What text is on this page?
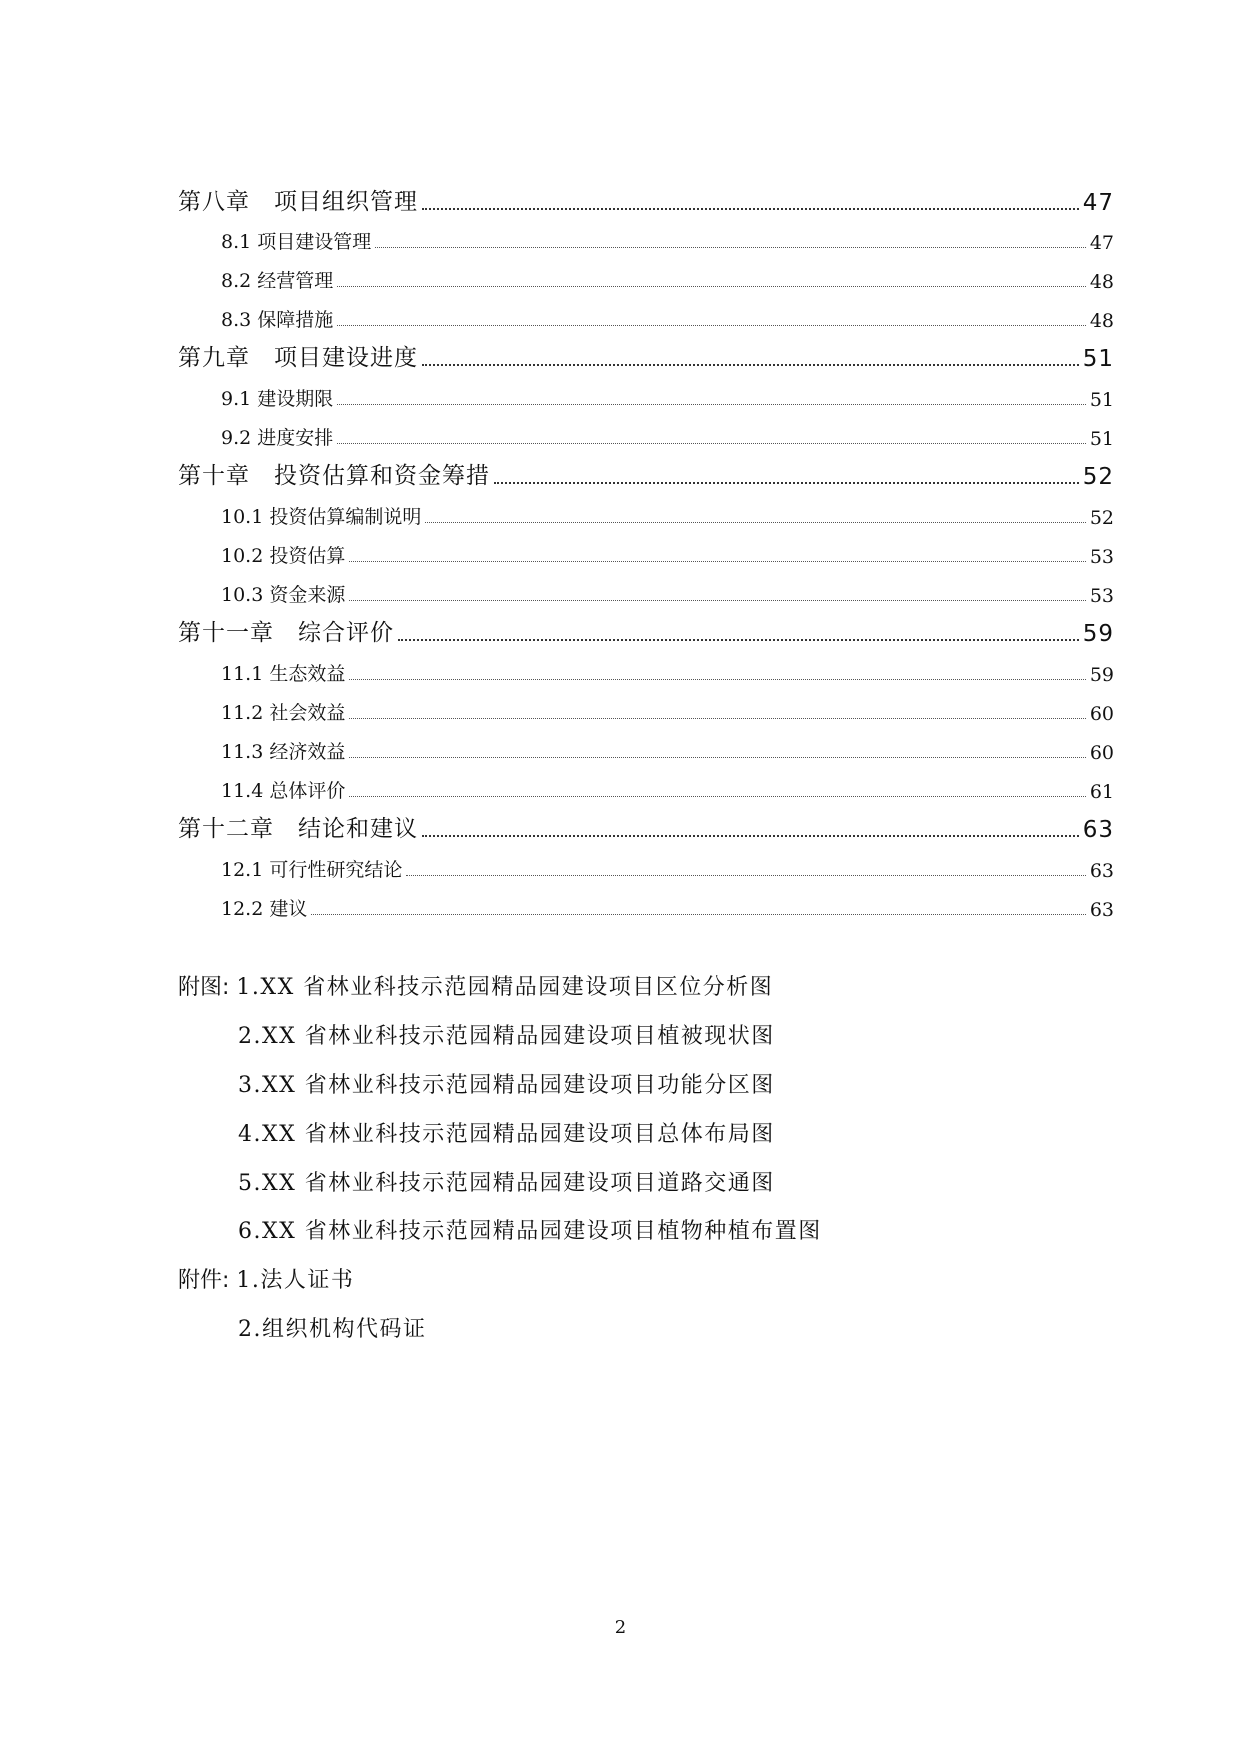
第八章　项目组织管理	47
8.1 项目建设管理	47
8.2 经营管理	48
8.3 保障措施	48
第九章　项目建设进度	51
9.1 建设期限	51
9.2 进度安排	51
第十章　投资估算和资金筹措	52
10.1 投资估算编制说明	52
10.2 投资估算	53
10.3 资金来源	53
第十一章　综合评价	59
11.1 生态效益	59
11.2 社会效益	60
11.3 经济效益	60
11.4 总体评价	61
第十二章　结论和建议	63
12.1 可行性研究结论	63
12.2 建议	63
附图: 1.XX 省林业科技示范园精品园建设项目区位分析图
2.XX 省林业科技示范园精品园建设项目植被现状图
3.XX 省林业科技示范园精品园建设项目功能分区图
4.XX 省林业科技示范园精品园建设项目总体布局图
5.XX 省林业科技示范园精品园建设项目道路交通图
6.XX 省林业科技示范园精品园建设项目植物种植布置图
附件: 1.法人证书
2.组织机构代码证
2
